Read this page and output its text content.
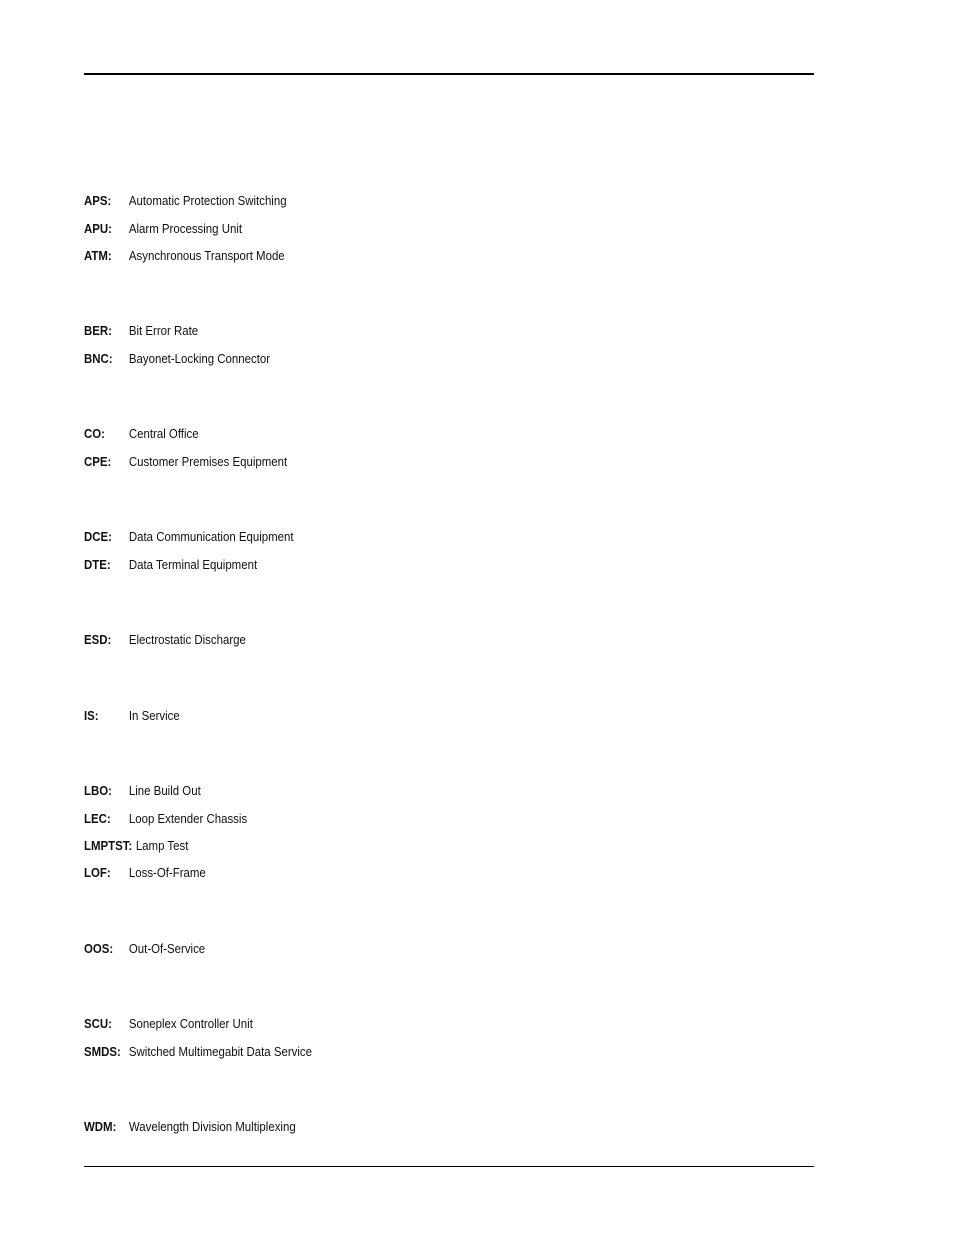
APS:	Automatic Protection Switching
APU:	Alarm Processing Unit
ATM:	Asynchronous Transport Mode
BER:	Bit Error Rate
BNC:	Bayonet-Locking Connector
CO:	Central Office
CPE:	Customer Premises Equipment
DCE:	Data Communication Equipment
DTE:	Data Terminal Equipment
ESD:	Electrostatic Discharge
IS:	In Service
LBO:	Line Build Out
LEC:	Loop Extender Chassis
LMPTST: Lamp Test
LOF:	Loss-Of-Frame
OOS:	Out-Of-Service
SCU:	Soneplex Controller Unit
SMDS: Switched Multimegabit Data Service
WDM: Wavelength Division Multiplexing
